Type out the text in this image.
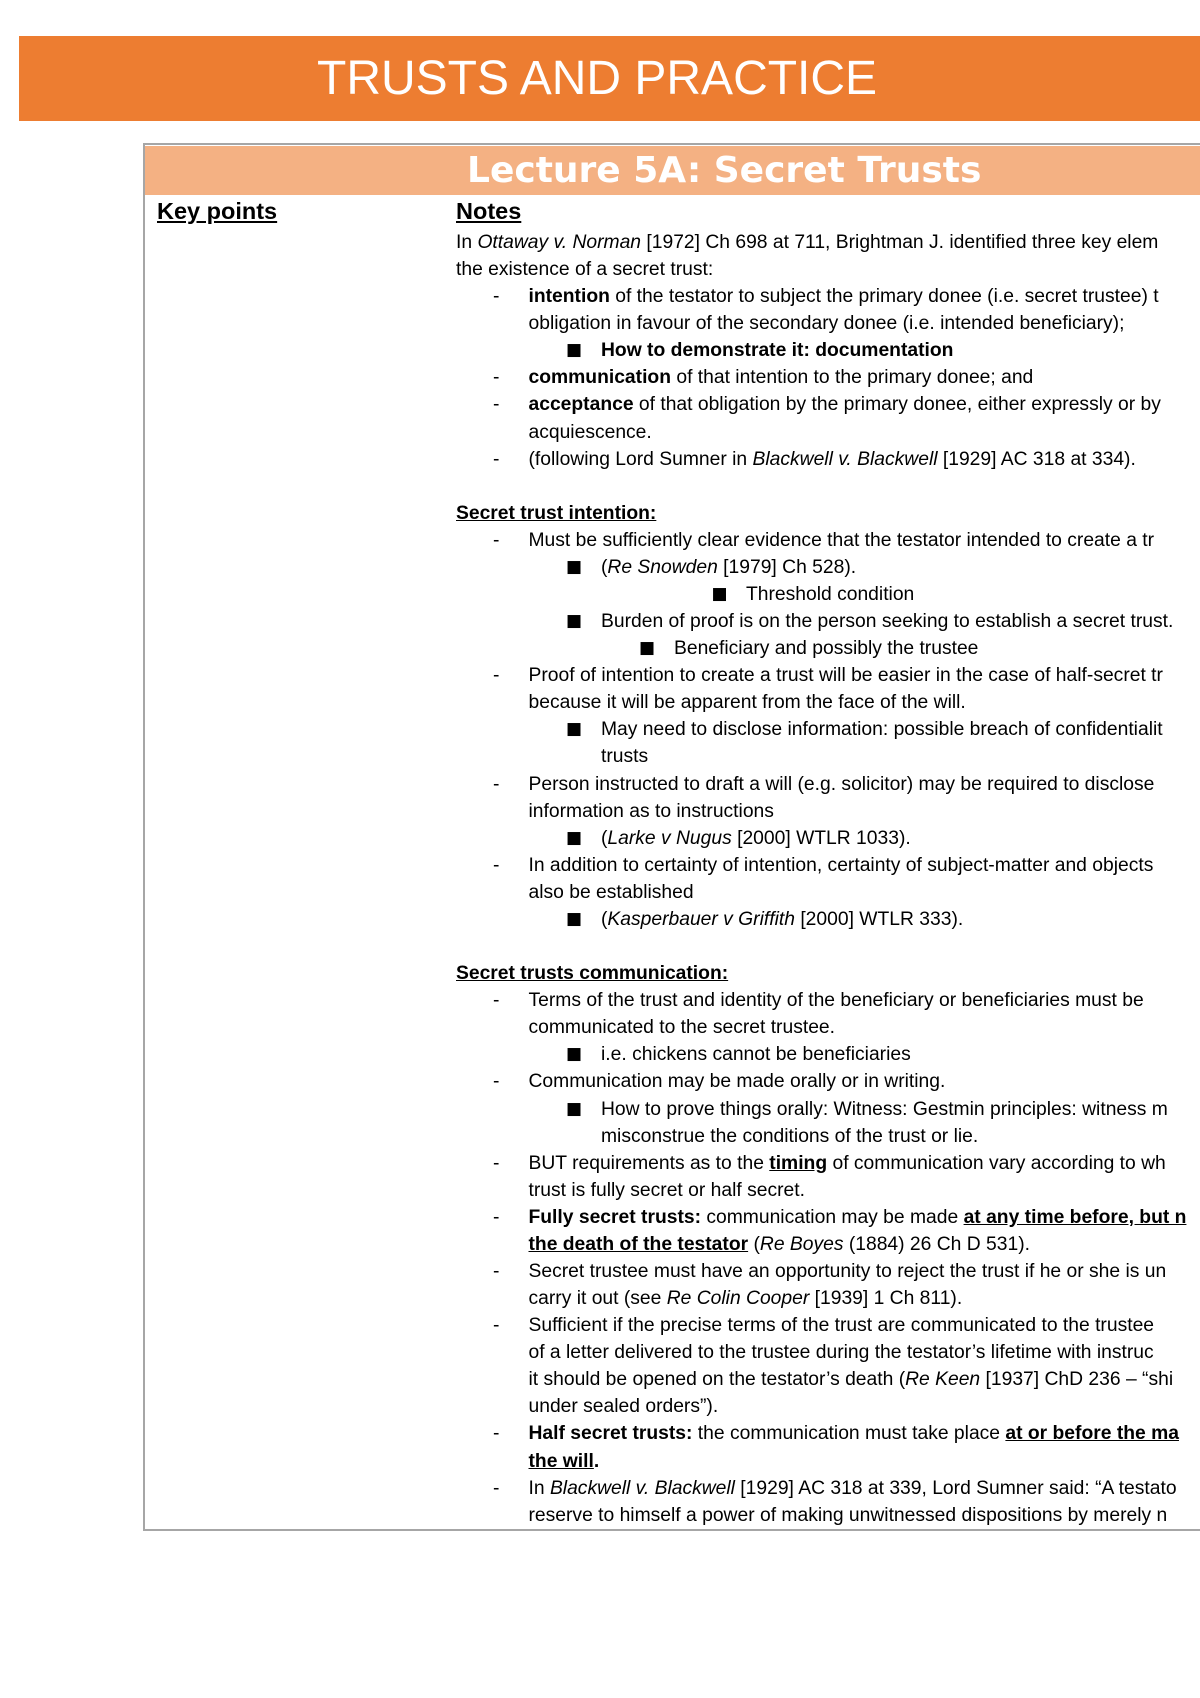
TRUSTS AND PRACTICE
Lecture 5A: Secret Trusts
Key points	Notes
In Ottaway v. Norman [1972] Ch 698 at 711, Brightman J. identified three key elem
the existence of a secret trust:
- intention of the testator to subject the primary donee (i.e. secret trustee) t
obligation in favour of the secondary donee (i.e. intended beneficiary);
■ How to demonstrate it: documentation
- communication of that intention to the primary donee; and
- acceptance of that obligation by the primary donee, either expressly or by
acquiescence.
- (following Lord Sumner in Blackwell v. Blackwell [1929] AC 318 at 334).
Secret trust intention:
- Must be sufficiently clear evidence that the testator intended to create a tr
■ (Re Snowden [1979] Ch 528).
■ Threshold condition
■ Burden of proof is on the person seeking to establish a secret trust.
■ Beneficiary and possibly the trustee
- Proof of intention to create a trust will be easier in the case of half-secret tr
because it will be apparent from the face of the will.
■ May need to disclose information: possible breach of confidentialit
trusts
- Person instructed to draft a will (e.g. solicitor) may be required to disclose
information as to instructions
■ (Larke v Nugus [2000] WTLR 1033).
- In addition to certainty of intention, certainty of subject-matter and objects
also be established
■ (Kasperbauer v Griffith [2000] WTLR 333).
Secret trusts communication:
- Terms of the trust and identity of the beneficiary or beneficiaries must be
communicated to the secret trustee.
■ i.e. chickens cannot be beneficiaries
- Communication may be made orally or in writing.
■ How to prove things orally: Witness: Gestmin principles: witness m
misconstrue the conditions of the trust or lie.
- BUT requirements as to the timing of communication vary according to wh
trust is fully secret or half secret.
- Fully secret trusts: communication may be made at any time before, but n
the death of the testator (Re Boyes (1884) 26 Ch D 531).
- Secret trustee must have an opportunity to reject the trust if he or she is un
carry it out (see Re Colin Cooper [1939] 1 Ch 811).
- Sufficient if the precise terms of the trust are communicated to the trustee
of a letter delivered to the trustee during the testator’s lifetime with instruc
it should be opened on the testator’s death (Re Keen [1937] ChD 236 – “shi
under sealed orders”).
- Half secret trusts: the communication must take place at or before the ma
the will.
- In Blackwell v. Blackwell [1929] AC 318 at 339, Lord Sumner said: “A testato
reserve to himself a power of making unwitnessed dispositions by merely n
